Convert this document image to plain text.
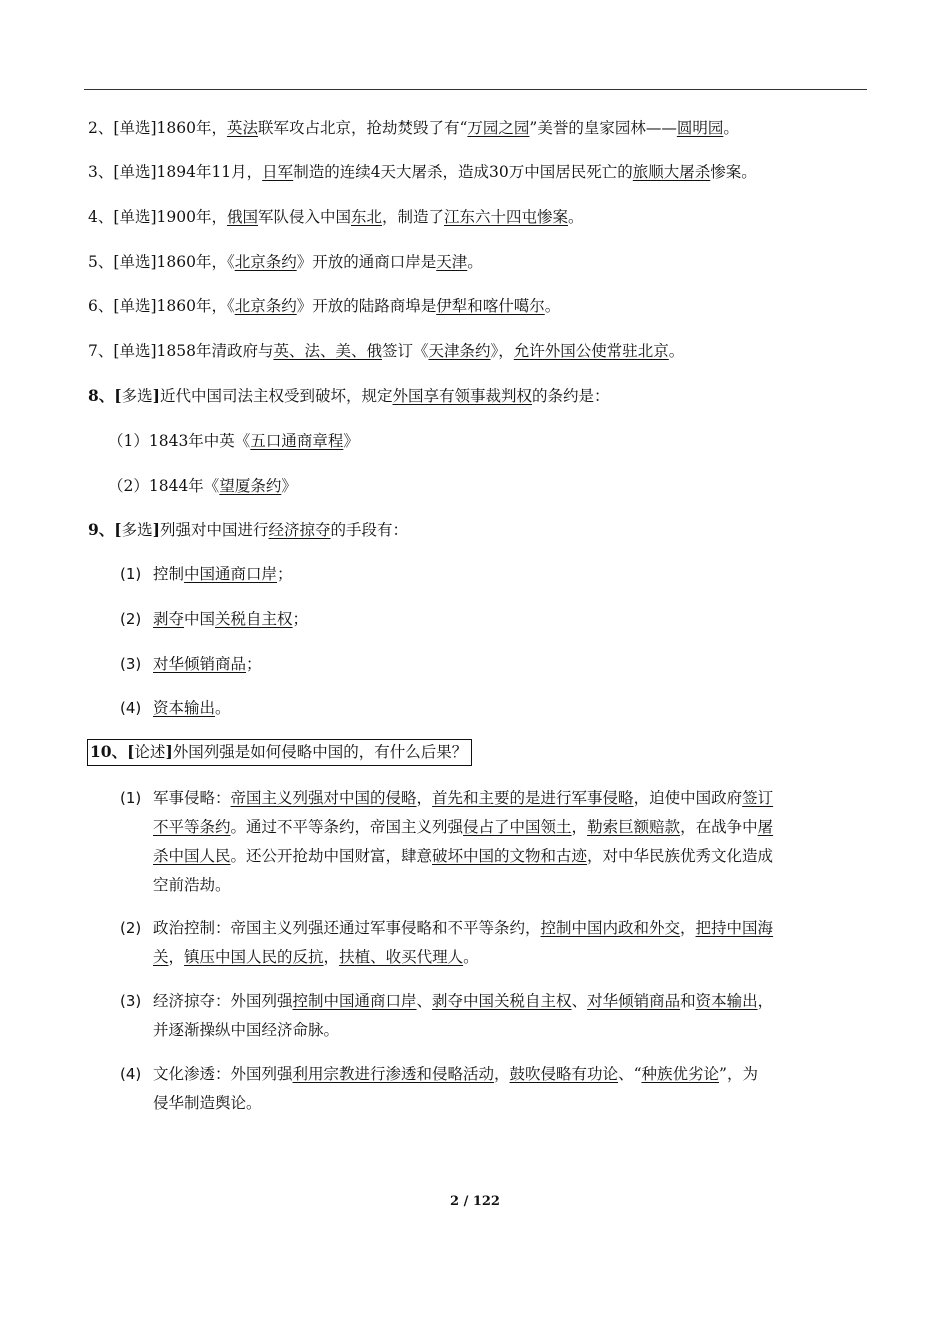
2、[单选]1860年，英法联军攻占北京，抢劫焚毁了有“万园之园”美誉的皇家园林——圆明园。
3、[单选]1894年11月，日军制造的连续4天大屠杀，造成30万中国居民死亡的旅顺大屠杀惨案。
4、[单选]1900年，俄国军队侵入中国东北，制造了江东六十四屯惨案。
5、[单选]1860年，《北京条约》开放的通商口岸是天津。
6、[单选]1860年，《北京条约》开放的陆路商埠是伊犁和喀什噶尔。
7、[单选]1858年清政府与英、法、美、俄签订《天津条约》，允许外国公使常驻北京。
8、[多选]近代中国司法主权受到破坏，规定外国享有领事裁判权的条约是：
（1）1843年中英《五口通商章程》
（2）1844年《望厦条约》
9、[多选]列强对中国进行经济掠夺的手段有：
(1) 控制中国通商口岸；
(2) 剥夺中国关税自主权；
(3) 对华倾销商品；
(4) 资本输出。
10、[论述]外国列强是如何侵略中国的，有什么后果？
(1) 军事侵略：帝国主义列强对中国的侵略，首先和主要的是进行军事侵略，迫使中国政府签订
不平等条约。通过不平等条约，帝国主义列强侵占了中国领土，勒索巨额赔款，在战争中屠
杀中国人民。还公开抢劫中国财富，肆意破坏中国的文物和古迹，对中华民族优秀文化造成
空前浩劫。
(2) 政治控制：帝国主义列强还通过军事侵略和不平等条约，控制中国内政和外交，把持中国海
关，镇压中国人民的反抗，扶植、收买代理人。
(3) 经济掠夺：外国列强控制中国通商口岸、剥夺中国关税自主权、对华倾销商品和资本输出，
并逐渐操纵中国经济命脉。
(4) 文化渗透：外国列强利用宗教进行渗透和侵略活动，鼓吹侵略有功论、“种族优劣论”，为
侵华制造舆论。
2 / 122
